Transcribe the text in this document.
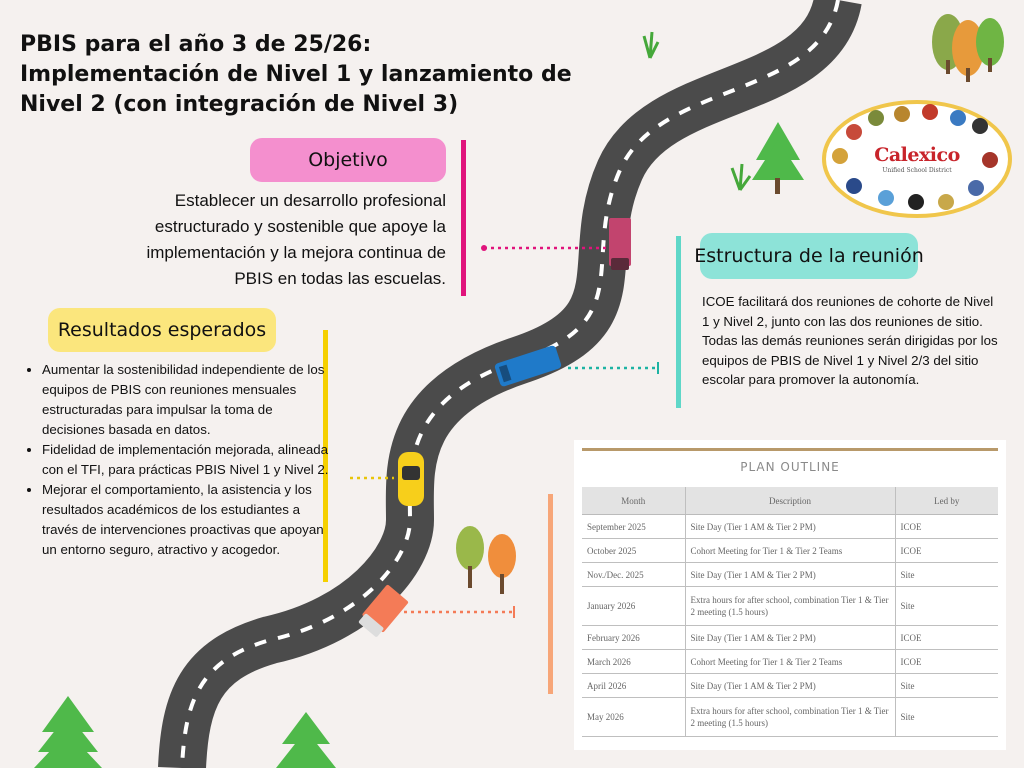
PBIS para el año 3 de 25/26:
Implementación de Nivel 1 y lanzamiento de
Nivel 2 (con integración de Nivel 3)
Objetivo
Establecer un desarrollo profesional estructurado y sostenible que apoye la implementación y la mejora continua de PBIS en todas las escuelas.
Estructura de la reunión
ICOE facilitará dos reuniones de cohorte de Nivel 1 y Nivel 2, junto con las dos reuniones de sitio. Todas las demás reuniones serán dirigidas por los equipos de PBIS de Nivel 1 y Nivel 2/3 del sitio escolar para promover la autonomía.
Resultados esperados
• Aumentar la sostenibilidad independiente de los equipos de PBIS con reuniones mensuales estructuradas para impulsar la toma de decisiones basada en datos.
• Fidelidad de implementación mejorada, alineada con el TFI, para prácticas PBIS Nivel 1 y Nivel 2.
• Mejorar el comportamiento, la asistencia y los resultados académicos de los estudiantes a través de intervenciones proactivas que apoyan un entorno seguro, atractivo y acogedor.
Calexico
Unified School District
PLAN OUTLINE
Month	Description	Led by
September 2025	Site Day (Tier 1 AM & Tier 2 PM)	ICOE
October 2025	Cohort Meeting for Tier 1 & Tier 2 Teams	ICOE
Nov./Dec. 2025	Site Day (Tier 1 AM & Tier 2 PM)	Site
January 2026	Extra hours for after school, combination Tier 1 & Tier 2 meeting (1.5 hours)	Site
February 2026	Site Day (Tier 1 AM & Tier 2 PM)	ICOE
March 2026	Cohort Meeting for Tier 1 & Tier 2 Teams	ICOE
April 2026	Site Day (Tier 1 AM & Tier 2 PM)	Site
May 2026	Extra hours for after school, combination Tier 1 & Tier 2 meeting (1.5 hours)	Site
